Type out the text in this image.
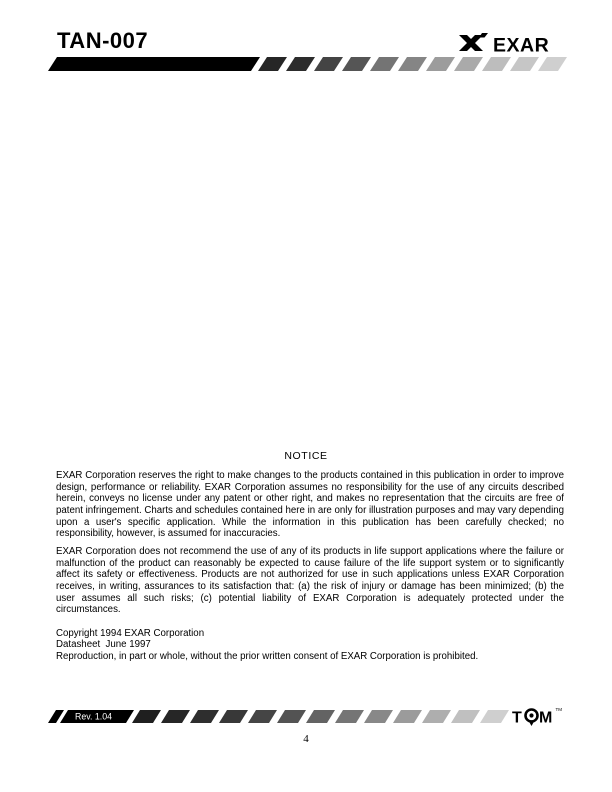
TAN-007	EXAR
NOTICE
EXAR Corporation reserves the right to make changes to the products contained in this publication in order to improve design, performance or reliability. EXAR Corporation assumes no responsibility for the use of any circuits described herein, conveys no license under any patent or other right, and makes no representation that the circuits are free of patent infringement. Charts and schedules contained here in are only for illustration purposes and may vary depending upon a user's specific application. While the information in this publication has been carefully checked; no responsibility, however, is assumed for inaccuracies.
EXAR Corporation does not recommend the use of any of its products in life support applications where the failure or malfunction of the product can reasonably be expected to cause failure of the life support system or to significantly affect its safety or effectiveness. Products are not authorized for use in such applications unless EXAR Corporation receives, in writing, assurances to its satisfaction that: (a) the risk of injury or damage has been minimized; (b) the user assumes all such risks; (c) potential liability of EXAR Corporation is adequately protected under the circumstances.
Copyright 1994 EXAR Corporation
Datasheet  June 1997
Reproduction, in part or whole, without the prior written consent of EXAR Corporation is prohibited.
Rev. 1.04	T M TM
4
